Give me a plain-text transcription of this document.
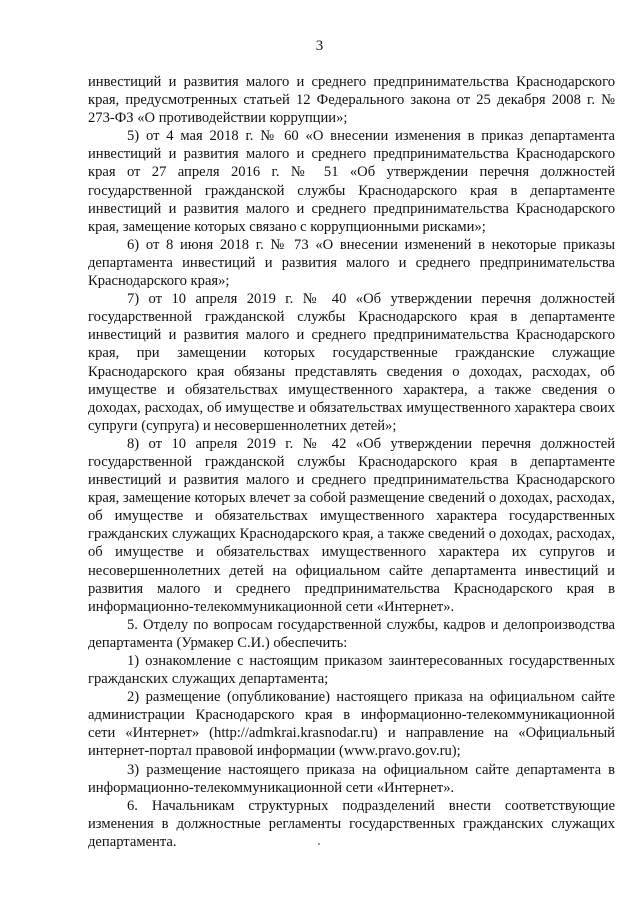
3

инвестиций и развития малого и среднего предпринимательства Краснодарского края, предусмотренных статьей 12 Федерального закона от 25 декабря 2008 г. № 273-ФЗ «О противодействии коррупции»;

5) от 4 мая 2018 г. № 60 «О внесении изменения в приказ департамента инвестиций и развития малого и среднего предпринимательства Краснодарского края от 27 апреля 2016 г. № 51 «Об утверждении перечня должностей государственной гражданской службы Краснодарского края в департаменте инвестиций и развития малого и среднего предпринимательства Краснодарского края, замещение которых связано с коррупционными рисками»;

6) от 8 июня 2018 г. № 73 «О внесении изменений в некоторые приказы департамента инвестиций и развития малого и среднего предпринимательства Краснодарского края»;

7) от 10 апреля 2019 г. № 40 «Об утверждении перечня должностей государственной гражданской службы Краснодарского края в департаменте инвестиций и развития малого и среднего предпринимательства Краснодарского края, при замещении которых государственные гражданские служащие Краснодарского края обязаны представлять сведения о доходах, расходах, об имуществе и обязательствах имущественного характера, а также сведения о доходах, расходах, об имуществе и обязательствах имущественного характера своих супруги (супруга) и несовершеннолетних детей»;

8) от 10 апреля 2019 г. № 42 «Об утверждении перечня должностей государственной гражданской службы Краснодарского края в департаменте инвестиций и развития малого и среднего предпринимательства Краснодарского края, замещение которых влечет за собой размещение сведений о доходах, расходах, об имуществе и обязательствах имущественного характера государственных гражданских служащих Краснодарского края, а также сведений о доходах, расходах, об имуществе и обязательствах имущественного характера их супругов и несовершеннолетних детей на официальном сайте департамента инвестиций и развития малого и среднего предпринимательства Краснодарского края в информационно-телекоммуникационной сети «Интернет».

5. Отделу по вопросам государственной службы, кадров и делопроизводства департамента (Урмакер С.И.) обеспечить:

1) ознакомление с настоящим приказом заинтересованных государственных гражданских служащих департамента;

2) размещение (опубликование) настоящего приказа на официальном сайте администрации Краснодарского края в информационно-телекоммуникационной сети «Интернет» (http://admkrai.krasnodar.ru) и направление на «Официальный интернет-портал правовой информации (www.pravo.gov.ru);

3) размещение настоящего приказа на официальном сайте департамента в информационно-телекоммуникационной сети «Интернет».

6. Начальникам структурных подразделений внести соответствующие изменения в должностные регламенты государственных гражданских служащих департамента.
